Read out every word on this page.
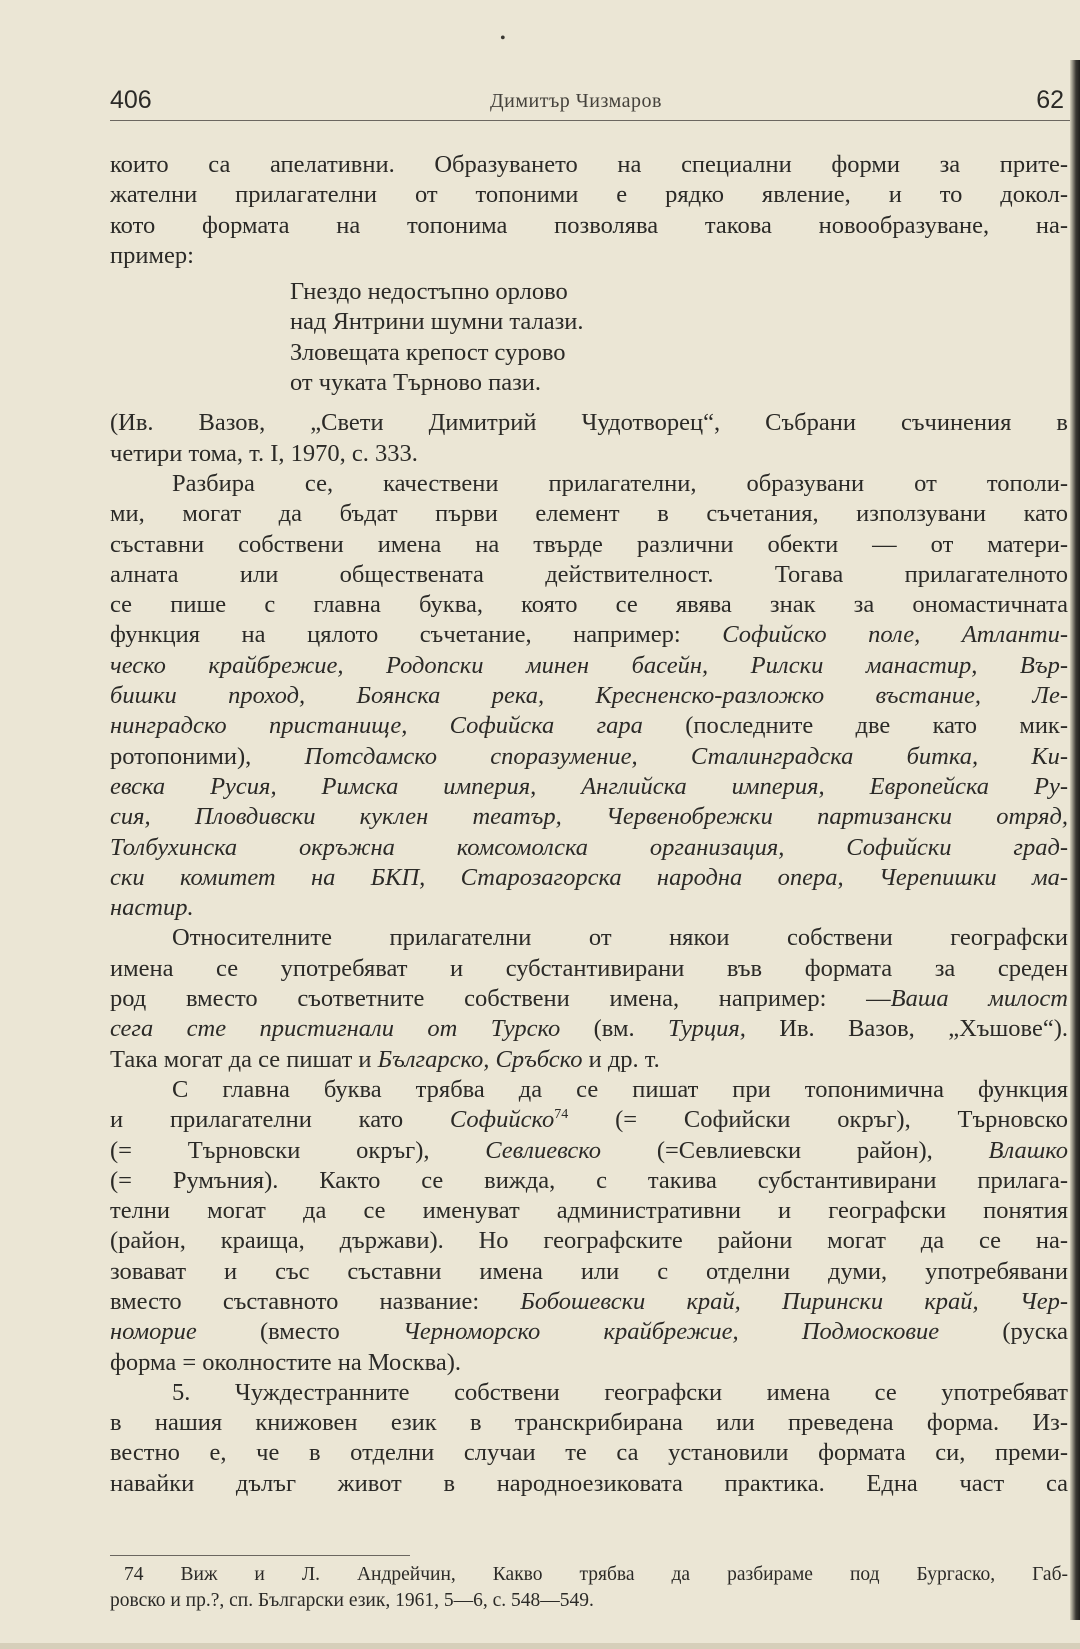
•
406	Димитър Чизмаров	62
които са апелативни. Образуването на специални форми за прите-
жателни прилагателни от топоними е рядко явление, и то докол-
кото формата на топонима позволява такова новообразуване, на-
пример:
Гнездо недостъпно орлово
над Янтрини шумни талази.
Зловещата крепост сурово
от чуката Търново пази.
(Ив. Вазов, „Свети Димитрий Чудотворец“, Събрани съчинения в
четири тома, т. I, 1970, с. 333.
Разбира се, качествени прилагателни, образувани от тополи-
ми, могат да бъдат първи елемент в съчетания, използувани като
съставни собствени имена на твърде различни обекти — от матери-
алната или обществената действителност. Тогава прилагателното
се пише с главна буква, която се явява знак за ономастичната
функция на цялото съчетание, например: Софийско поле, Атланти-
ческо крайбрежие, Родопски минен басейн, Рилски манастир, Вър-
бишки проход, Боянска река, Кресненско-разложко въстание, Ле-
нинградско пристанище, Софийска гара (последните две като мик-
ротопоними), Потсдамско споразумение, Сталинградска битка, Ки-
евска Русия, Римска империя, Английска империя, Европейска Ру-
сия, Пловдивски куклен театър, Червенобрежки партизански отряд,
Толбухинска окръжна комсомолска организация, Софийски град-
ски комитет на БКП, Старозагорска народна опера, Черепишки ма-
настир.
Относителните прилагателни от някои собствени географски
имена се употребяват и субстантивирани във формата за среден
род вместо съответните собствени имена, например: —Ваша милост
сега сте пристигнали от Турско (вм. Турция, Ив. Вазов, „Хъшове“).
Така могат да се пишат и Българско, Сръбско и др. т.
С главна буква трябва да се пишат при топонимична функция
и прилагателни като Софийско$^{74}$ (= Софийски окръг), Търновско
(= Търновски окръг), Севлиевско (=Севлиевски район), Влашко
(= Румъния). Както се вижда, с такива субстантивирани прилага-
телни могат да се именуват административни и географски понятия
(район, краища, държави). Но географските райони могат да се на-
зовават и със съставни имена или с отделни думи, употребявани
вместо съставното название: Бобошевски край, Пирински край, Чер-
номорие (вместо Черноморско крайбрежие, Подмосковие (руска
форма = околностите на Москва).
5. Чуждестранните собствени географски имена се употребяват
в нашия книжовен език в транскрибирана или преведена форма. Из-
вестно е, че в отделни случаи те са установили формата си, преми-
навайки дълъг живот в народноезиковата практика. Една част са
74 Виж и Л. Андрейчин, Какво трябва да разбираме под Бургаско, Габ-
ровско и пр.?, сп. Български език, 1961, 5—6, с. 548—549.
